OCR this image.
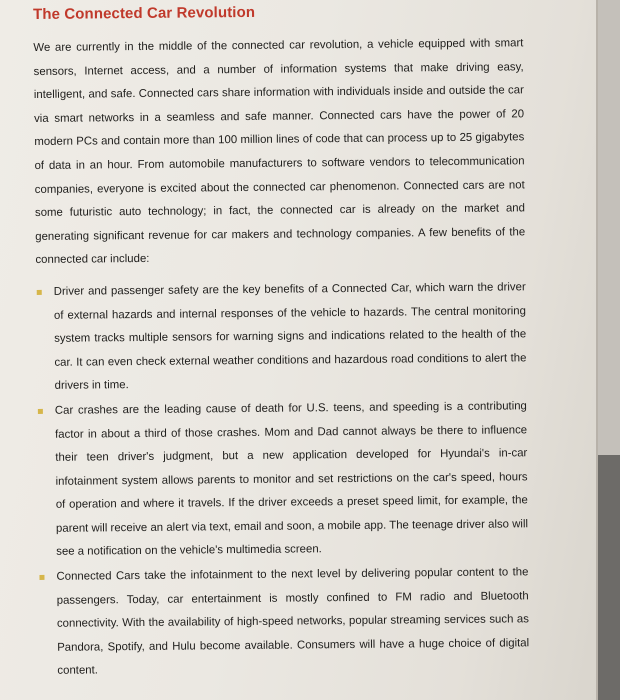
The Connected Car Revolution

We are currently in the middle of the connected car revolution, a vehicle equipped with smart sensors, Internet access, and a number of information systems that make driving easy, intelligent, and safe. Connected cars share information with individuals inside and outside the car via smart networks in a seamless and safe manner. Connected cars have the power of 20 modern PCs and contain more than 100 million lines of code that can process up to 25 gigabytes of data in an hour. From automobile manufacturers to software vendors to telecommunication companies, everyone is excited about the connected car phenomenon. Connected cars are not some futuristic auto technology; in fact, the connected car is already on the market and generating significant revenue for car makers and technology companies. A few benefits of the connected car include:

Driver and passenger safety are the key benefits of a Connected Car, which warn the driver of external hazards and internal responses of the vehicle to hazards. The central monitoring system tracks multiple sensors for warning signs and indications related to the health of the car. It can even check external weather conditions and hazardous road conditions to alert the drivers in time.
Car crashes are the leading cause of death for U.S. teens, and speeding is a contributing factor in about a third of those crashes. Mom and Dad cannot always be there to influence their teen driver's judgment, but a new application developed for Hyundai's in-car infotainment system allows parents to monitor and set restrictions on the car's speed, hours of operation and where it travels. If the driver exceeds a preset speed limit, for example, the parent will receive an alert via text, email and soon, a mobile app. The teenage driver also will see a notification on the vehicle's multimedia screen.
Connected Cars take the infotainment to the next level by delivering popular content to the passengers. Today, car entertainment is mostly confined to FM radio and Bluetooth connectivity. With the availability of high-speed networks, popular streaming services such as Pandora, Spotify, and Hulu become available. Consumers will have a huge choice of digital content.
